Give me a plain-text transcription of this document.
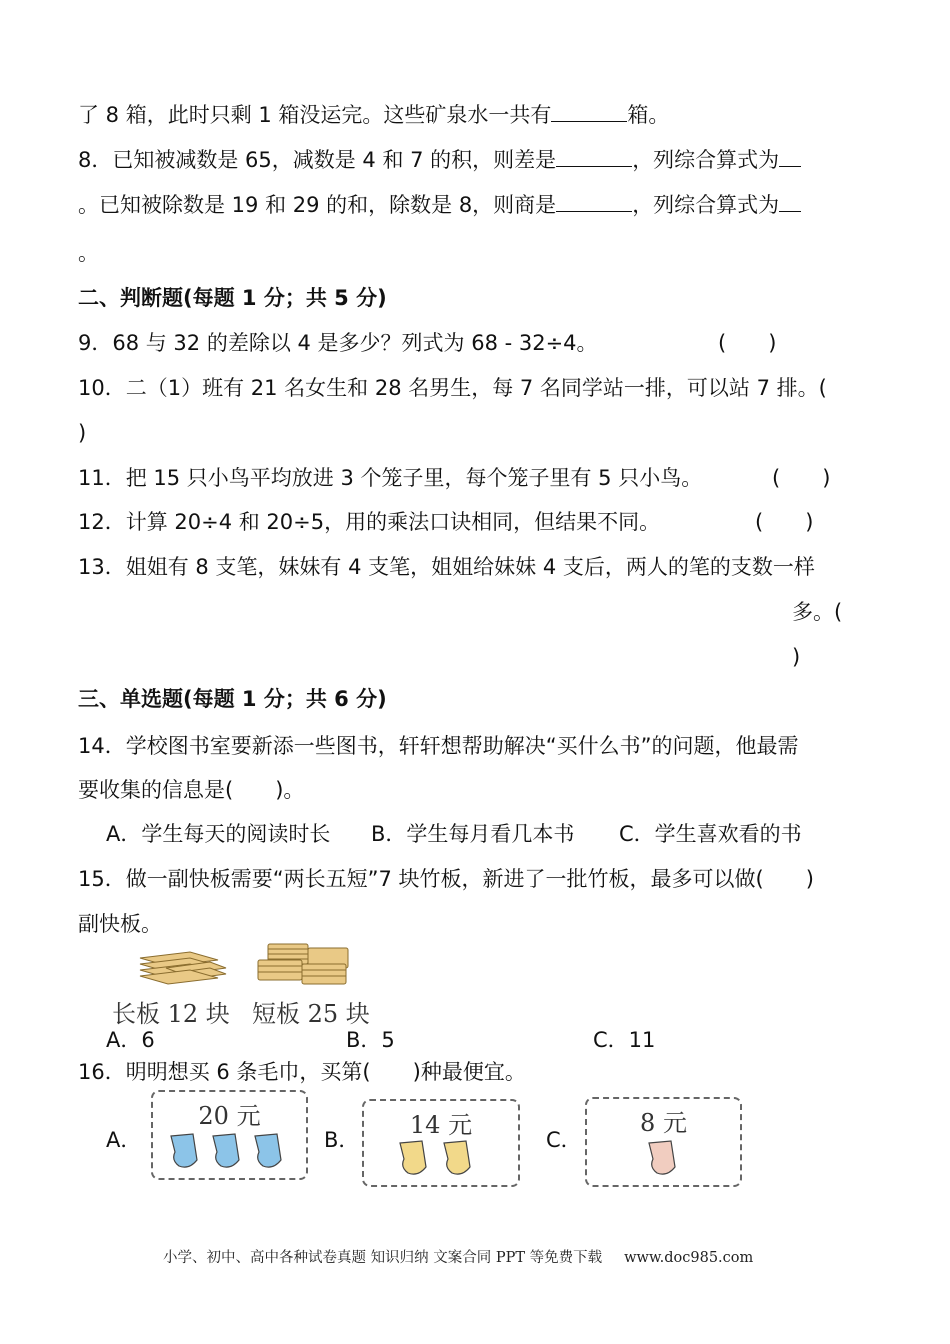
了 8 箱，此时只剩 1 箱没运完。这些矿泉水一共有	箱。
8．已知被减数是 65，减数是 4 和 7 的积，则差是	，列综合算式为
。已知被除数是 19 和 29 的和，除数是 8，则商是	，列综合算式为
。
二、判断题(每题 1 分；共 5 分)
9．68 与 32 的差除以 4 是多少？列式为 68 - 32÷4。	(　　)
10．二（1）班有 21 名女生和 28 名男生，每 7 名同学站一排，可以站 7 排。(
)
11．把 15 只小鸟平均放进 3 个笼子里，每个笼子里有 5 只小鸟。	(　　)
12．计算 20÷4 和 20÷5，用的乘法口诀相同，但结果不同。	(　　)
13．姐姐有 8 支笔，妹妹有 4 支笔，姐姐给妹妹 4 支后，两人的笔的支数一样
多。(
)
三、单选题(每题 1 分；共 6 分)
14．学校图书室要新添一些图书，轩轩想帮助解决“买什么书”的问题，他最需
要收集的信息是(　　)。
A．学生每天的阅读时长 B．学生每月看几本书 C．学生喜欢看的书
15．做一副快板需要“两长五短”7 块竹板，新进了一批竹板，最多可以做(　　)
副快板。
长板 12 块 短板 25 块
A．6	B．5	C．11
16．明明想买 6 条毛巾，买第(　　)种最便宜。
A．
20 元
B．
14 元
C．
8 元
小学、初中、高中各种试卷真题 知识归纳 文案合同 PPT 等免费下载 www.doc985.com
